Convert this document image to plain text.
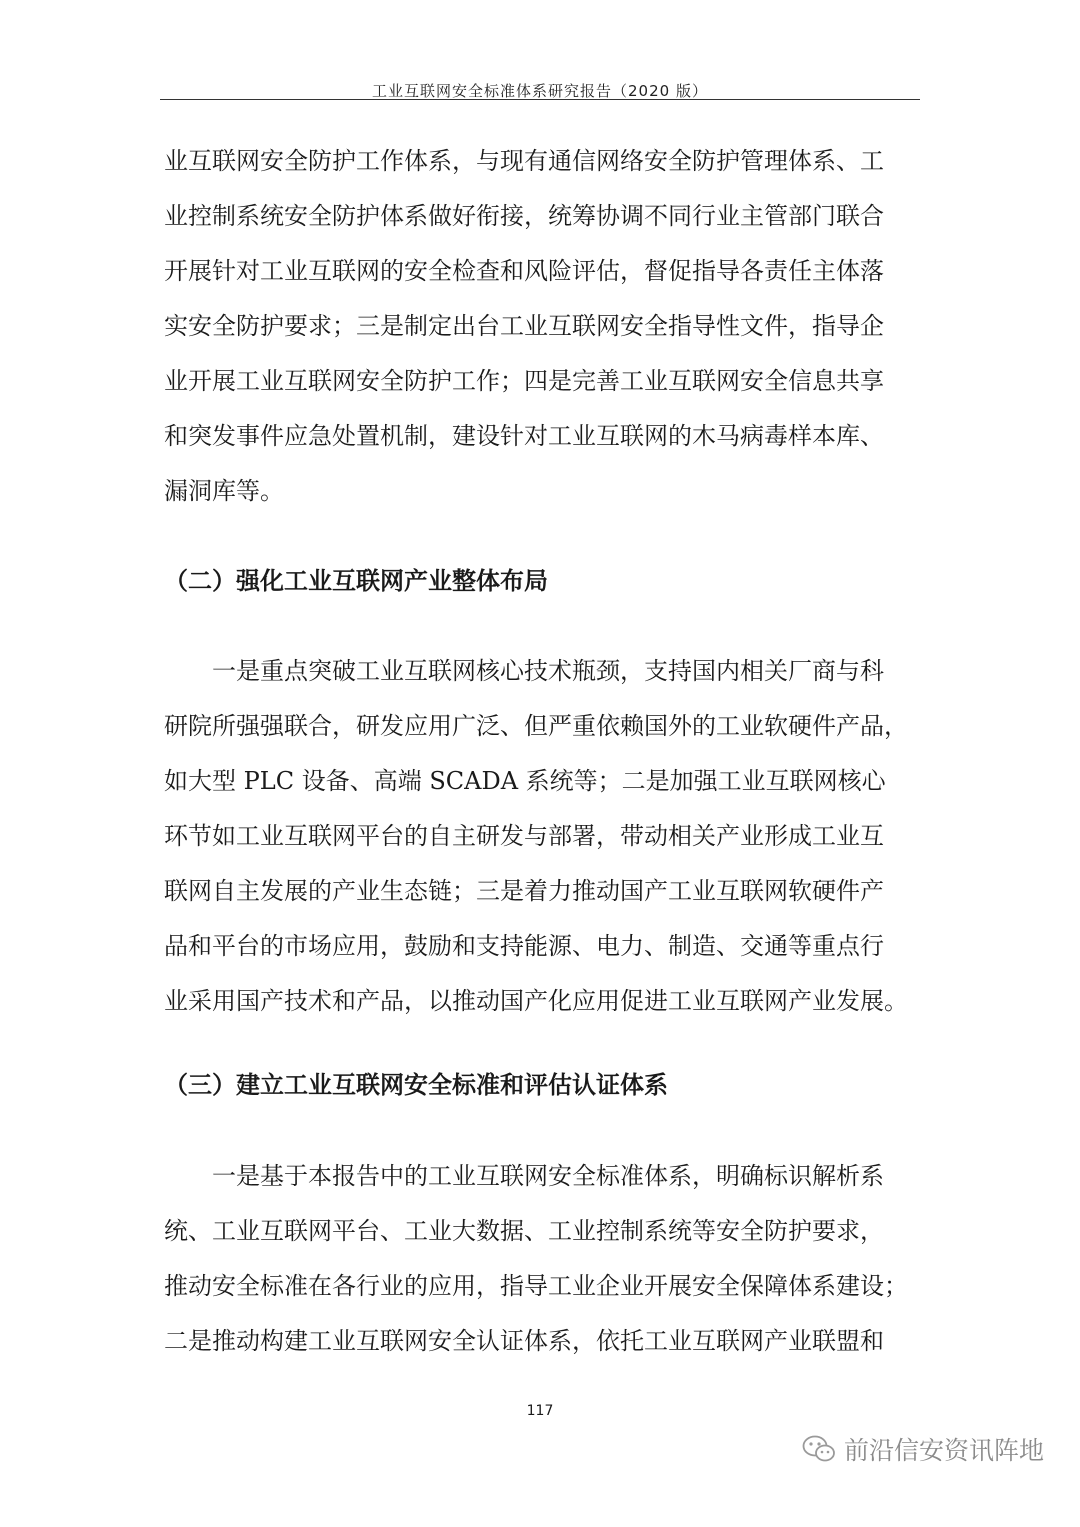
工业互联网安全标准体系研究报告（2020 版）
业互联网安全防护工作体系，与现有通信网络安全防护管理体系、工
业控制系统安全防护体系做好衔接，统筹协调不同行业主管部门联合
开展针对工业互联网的安全检查和风险评估，督促指导各责任主体落
实安全防护要求；三是制定出台工业互联网安全指导性文件，指导企
业开展工业互联网安全防护工作；四是完善工业互联网安全信息共享
和突发事件应急处置机制，建设针对工业互联网的木马病毒样本库、
漏洞库等。
（二）强化工业互联网产业整体布局
一是重点突破工业互联网核心技术瓶颈，支持国内相关厂商与科
研院所强强联合，研发应用广泛、但严重依赖国外的工业软硬件产品，
如大型 PLC 设备、高端 SCADA 系统等；二是加强工业互联网核心
环节如工业互联网平台的自主研发与部署，带动相关产业形成工业互
联网自主发展的产业生态链；三是着力推动国产工业互联网软硬件产
品和平台的市场应用，鼓励和支持能源、电力、制造、交通等重点行
业采用国产技术和产品，以推动国产化应用促进工业互联网产业发展。
（三）建立工业互联网安全标准和评估认证体系
一是基于本报告中的工业互联网安全标准体系，明确标识解析系
统、工业互联网平台、工业大数据、工业控制系统等安全防护要求，
推动安全标准在各行业的应用，指导工业企业开展安全保障体系建设；
二是推动构建工业互联网安全认证体系，依托工业互联网产业联盟和
117
前沿信安资讯阵地
